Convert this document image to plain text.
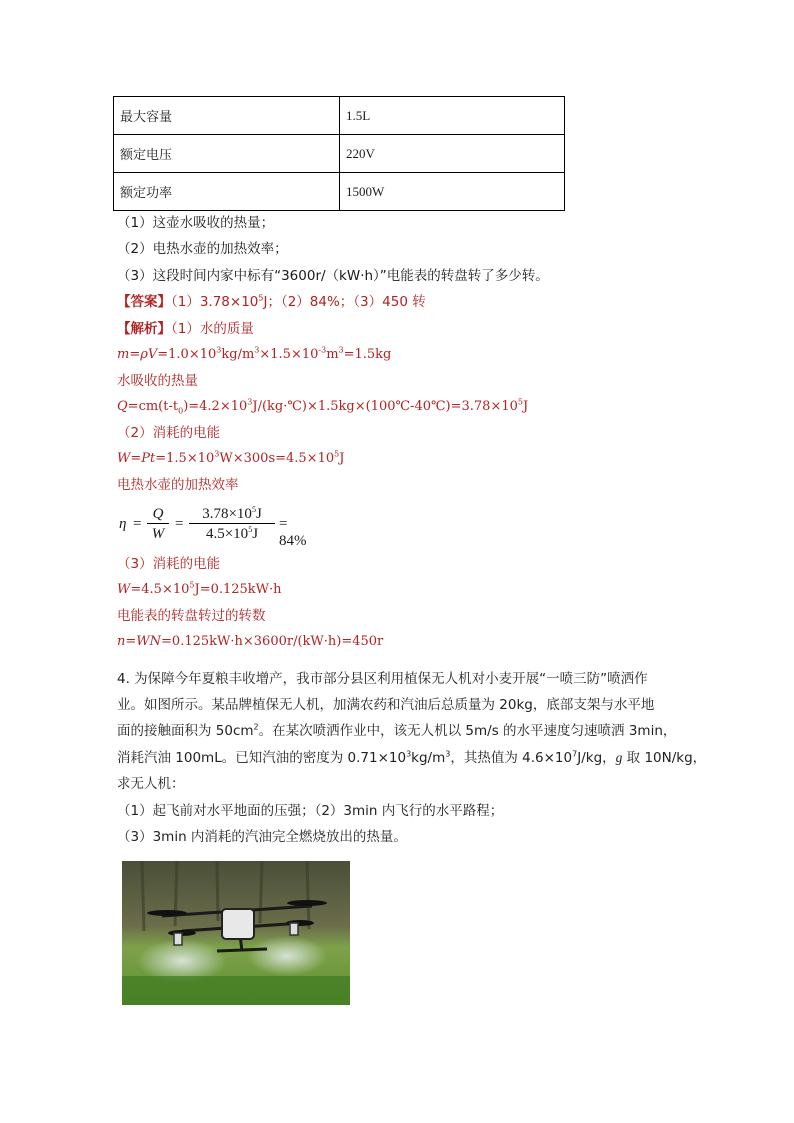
最大容量	1.5L
额定电压	220V
额定功率	1500W
（1）这壶水吸收的热量；
（2）电热水壶的加热效率；
（3）这段时间内家中标有“3600r/（kW·h）”电能表的转盘转了多少转。
【答案】$(1)3.78\times 10^5J$；（2）84%；（3）450 转
【解析】（1）水的质量
$m=\rho V=1.0\times 10^3kg/m^3\times 1.5\times 10^{-3}m^3=1.5kg$
水吸收的热量
$Q=cm(t-t_0)=4.2\times 10^3J/(kg\cdot℃)\times 1.5kg\times(100℃-40℃)=3.78\times 10^5J$
（2）消耗的电能
$W=Pt=1.5\times 10^3W\times 300s=4.5\times 10^5J$
电热水壶的加热效率
$\eta = \frac{Q}{W} = \frac{3.78\times 10^5J}{4.5\times 10^5J} = 84\%$
（3）消耗的电能
$W=4.5\times 10^5J=0.125kW\cdot h$
电能表的转盘转过的转数
n=WN=0.125kW·h×3600r/(kW·h)=450r
4. 为保障今年夏粮丰收增产，我市部分县区利用植保无人机对小麦开展“一喷三防”喷洒作
业。如图所示。某品牌植保无人机，加满农药和汽油后总质量为 20kg，底部支架与水平地
面的接触面积为 $50cm^2$。在某次喷洒作业中，该无人机以 5m/s 的水平速度匀速喷洒 3min，
消耗汽油 100mL。已知汽油的密度为 $0.71\times 10^3kg/m^3$，其热值为 $4.6\times 10^7J/kg$，g 取 10N/kg，
求无人机：
（1）起飞前对水平地面的压强；（2）3min 内飞行的水平路程；
（3）3min 内消耗的汽油完全燃烧放出的热量。
